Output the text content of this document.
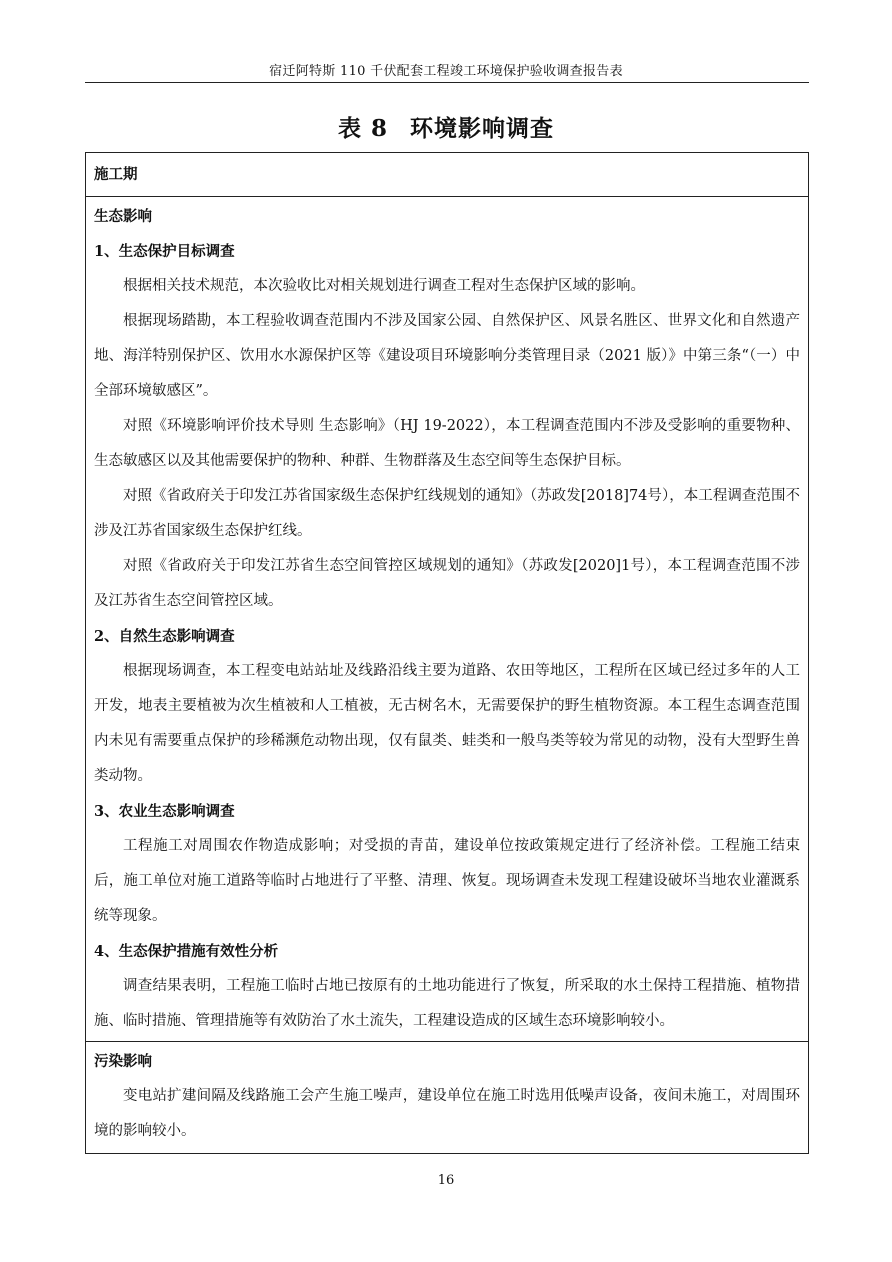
宿迁阿特斯 110 千伏配套工程竣工环境保护验收调查报告表
表 8 环境影响调查
施工期
生态影响
1、生态保护目标调查

根据相关技术规范，本次验收比对相关规划进行调查工程对生态保护区域的影响。

根据现场踏勘，本工程验收调查范围内不涉及国家公园、自然保护区、风景名胜区、世界文化和自然遗产地、海洋特别保护区、饮用水水源保护区等《建设项目环境影响分类管理目录（2021 版）》中第三条“（一）中全部环境敏感区”。

对照《环境影响评价技术导则 生态影响》（HJ 19-2022），本工程调查范围内不涉及受影响的重要物种、生态敏感区以及其他需要保护的物种、种群、生物群落及生态空间等生态保护目标。

对照《省政府关于印发江苏省国家级生态保护红线规划的通知》（苏政发[2018]74号），本工程调查范围不涉及江苏省国家级生态保护红线。

对照《省政府关于印发江苏省生态空间管控区域规划的通知》（苏政发[2020]1号），本工程调查范围不涉及江苏省生态空间管控区域。

2、自然生态影响调查

根据现场调查，本工程变电站站址及线路沿线主要为道路、农田等地区，工程所在区域已经过多年的人工开发，地表主要植被为次生植被和人工植被，无古树名木，无需要保护的野生植物资源。本工程生态调查范围内未见有需要重点保护的珍稀濒危动物出现，仅有鼠类、蛙类和一般鸟类等较为常见的动物，没有大型野生兽类动物。

3、农业生态影响调查

工程施工对周围农作物造成影响；对受损的青苗，建设单位按政策规定进行了经济补偿。工程施工结束后，施工单位对施工道路等临时占地进行了平整、清理、恢复。现场调查未发现工程建设破坏当地农业灌溉系统等现象。

4、生态保护措施有效性分析

调查结果表明，工程施工临时占地已按原有的土地功能进行了恢复，所采取的水土保持工程措施、植物措施、临时措施、管理措施等有效防治了水土流失，工程建设造成的区域生态环境影响较小。

污染影响

变电站扩建间隔及线路施工会产生施工噪声，建设单位在施工时选用低噪声设备，夜间未施工，对周围环境的影响较小。

16
